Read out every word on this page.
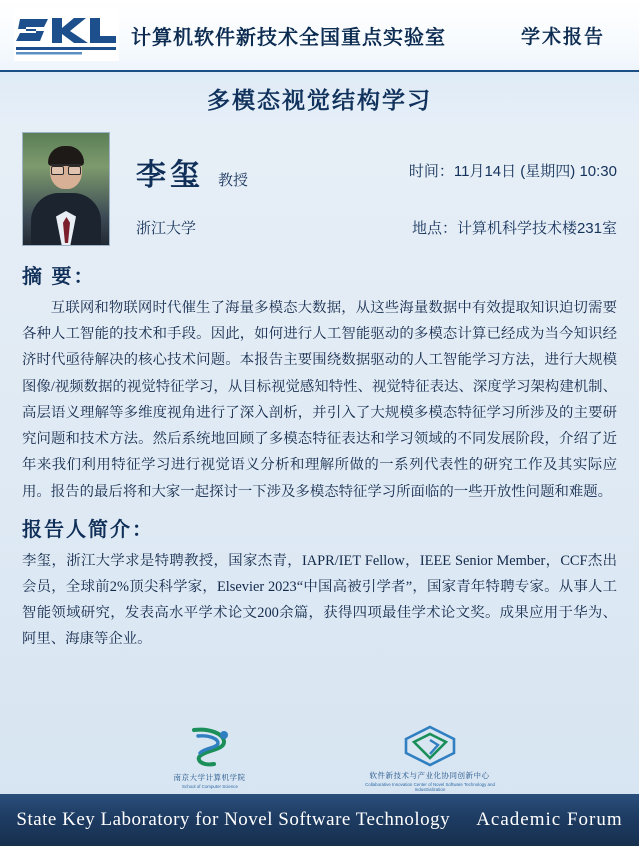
计算机软件新技术全国重点实验室	学术报告
多模态视觉结构学习
李玺 教授
浙江大学
时间：11月14日 (星期四) 10:30
地点：计算机科学技术楼231室
摘 要：
互联网和物联网时代催生了海量多模态大数据，从这些海量数据中有效提取知识迫切需要各种人工智能的技术和手段。因此，如何进行人工智能驱动的多模态计算已经成为当今知识经济时代亟待解决的核心技术问题。本报告主要围绕数据驱动的人工智能学习方法，进行大规模图像/视频数据的视觉特征学习，从目标视觉感知特性、视觉特征表达、深度学习架构建机制、高层语义理解等多维度视角进行了深入剖析，并引入了大规模多模态特征学习所涉及的主要研究问题和技术方法。然后系统地回顾了多模态特征表达和学习领域的不同发展阶段，介绍了近年来我们利用特征学习进行视觉语义分析和理解所做的一系列代表性的研究工作及其实际应用。报告的最后将和大家一起探讨一下涉及多模态特征学习所面临的一些开放性问题和难题。
报告人简介：
李玺，浙江大学求是特聘教授，国家杰青，IAPR/IET Fellow，IEEE Senior Member，CCF杰出会员，全球前2%顶尖科学家，Elsevier 2023“中国高被引学者”，国家青年特聘专家。从事人工智能领域研究，发表高水平学术论文200余篇，获得四项最佳学术论文奖。成果应用于华为、阿里、海康等企业。
南京大学计算机学院
School of Computer Science
软件新技术与产业化协同创新中心
Collaborative Innovation Center of Novel Software Technology and Industrialization
State Key Laboratory for Novel Software Technology Academic Forum
